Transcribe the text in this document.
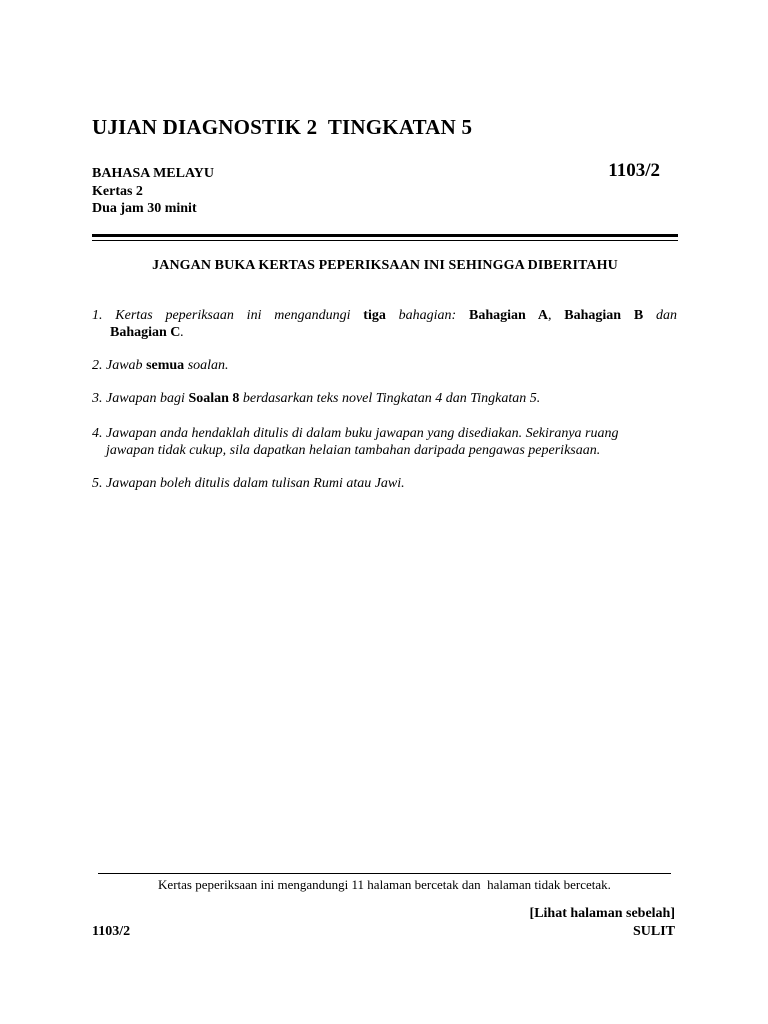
UJIAN DIAGNOSTIK 2  TINGKATAN 5
BAHASA MELAYU	1103/2
Kertas 2
Dua jam 30 minit
JANGAN BUKA KERTAS PEPERIKSAAN INI SEHINGGA DIBERITAHU
1. Kertas peperiksaan ini mengandungi tiga bahagian: Bahagian A, Bahagian B dan
Bahagian C.
2. Jawab semua soalan.
3. Jawapan bagi Soalan 8 berdasarkan teks novel Tingkatan 4 dan Tingkatan 5.
4. Jawapan anda hendaklah ditulis di dalam buku jawapan yang disediakan. Sekiranya ruang
jawapan tidak cukup, sila dapatkan helaian tambahan daripada pengawas peperiksaan.
5. Jawapan boleh ditulis dalam tulisan Rumi atau Jawi.
Kertas peperiksaan ini mengandungi 11 halaman bercetak dan  halaman tidak bercetak.
[Lihat halaman sebelah]
1103/2	SULIT
